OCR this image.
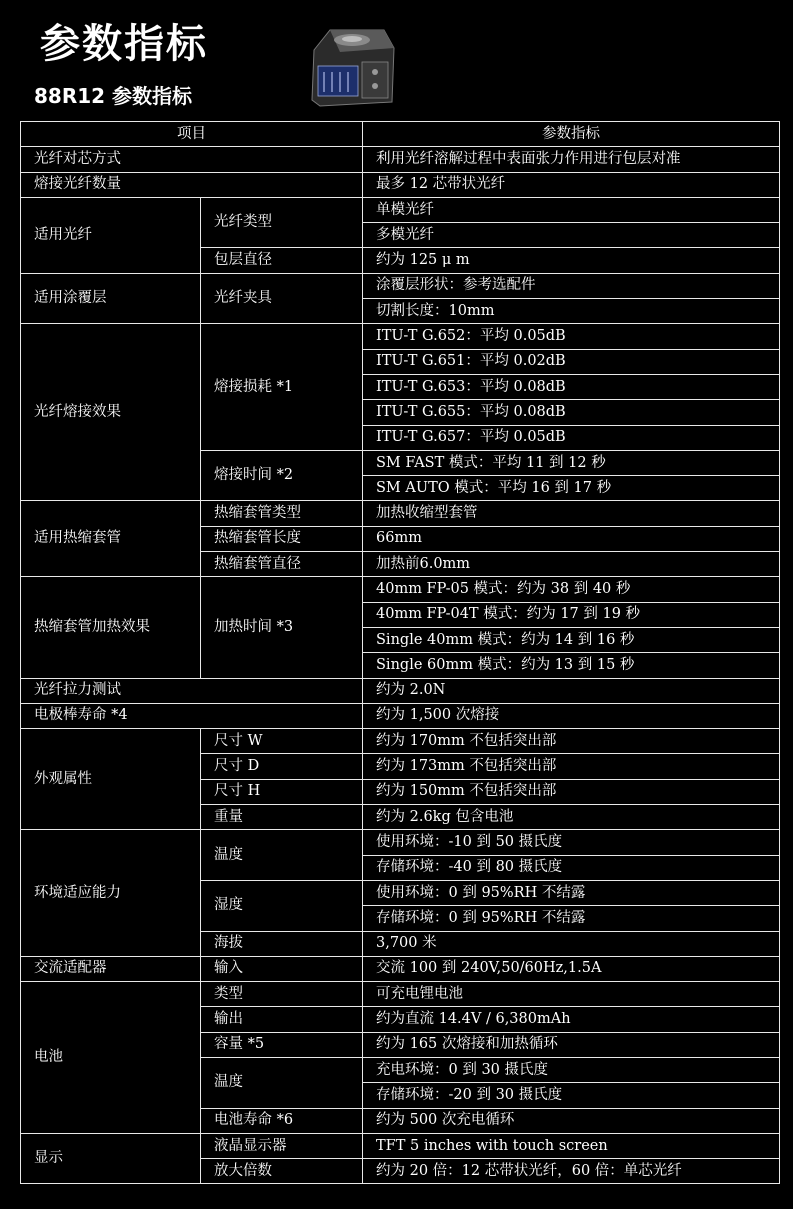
参数指标
88R12 参数指标
项目		参数指标
光纤对芯方式		利用光纤溶解过程中表面张力作用进行包层对准
熔接光纤数量		最多 12 芯带状光纤
适用光纤	光纤类型	单模光纤
		多模光纤
	包层直径	约为 125 μ m
适用涂覆层	光纤夹具	涂覆层形状：参考选配件
		切割长度：10mm
光纤熔接效果	熔接损耗 *1	ITU-T G.652：平均 0.05dB
		ITU-T G.651：平均 0.02dB
		ITU-T G.653：平均 0.08dB
		ITU-T G.655：平均 0.08dB
		ITU-T G.657：平均 0.05dB
	熔接时间 *2	SM FAST 模式：平均 11 到 12 秒
		SM AUTO 模式：平均 16 到 17 秒
适用热缩套管	热缩套管类型	加热收缩型套管
	热缩套管长度	66mm
	热缩套管直径	加热前6.0mm
热缩套管加热效果	加热时间 *3	40mm FP-05 模式：约为 38 到 40 秒
		40mm FP-04T 模式：约为 17 到 19 秒
		Single 40mm 模式：约为 14 到 16 秒
		Single 60mm 模式：约为 13 到 15 秒
光纤拉力测试		约为 2.0N
电极棒寿命 *4		约为 1,500 次熔接
外观属性	尺寸 W	约为 170mm 不包括突出部
	尺寸 D	约为 173mm 不包括突出部
	尺寸 H	约为 150mm 不包括突出部
	重量	约为 2.6kg 包含电池
环境适应能力	温度	使用环境：-10 到 50 摄氏度
		存储环境：-40 到 80 摄氏度
	湿度	使用环境：0 到 95%RH 不结露
		存储环境：0 到 95%RH 不结露
	海拔	3,700 米
交流适配器	输入	交流 100 到 240V,50/60Hz,1.5A
电池	类型	可充电锂电池
	输出	约为直流 14.4V / 6,380mAh
	容量 *5	约为 165 次熔接和加热循环
	温度	充电环境：0 到 30 摄氏度
		存储环境：-20 到 30 摄氏度
	电池寿命 *6	约为 500 次充电循环
显示	液晶显示器	TFT 5 inches with touch screen
	放大倍数	约为 20 倍：12 芯带状光纤，60 倍：单芯光纤
